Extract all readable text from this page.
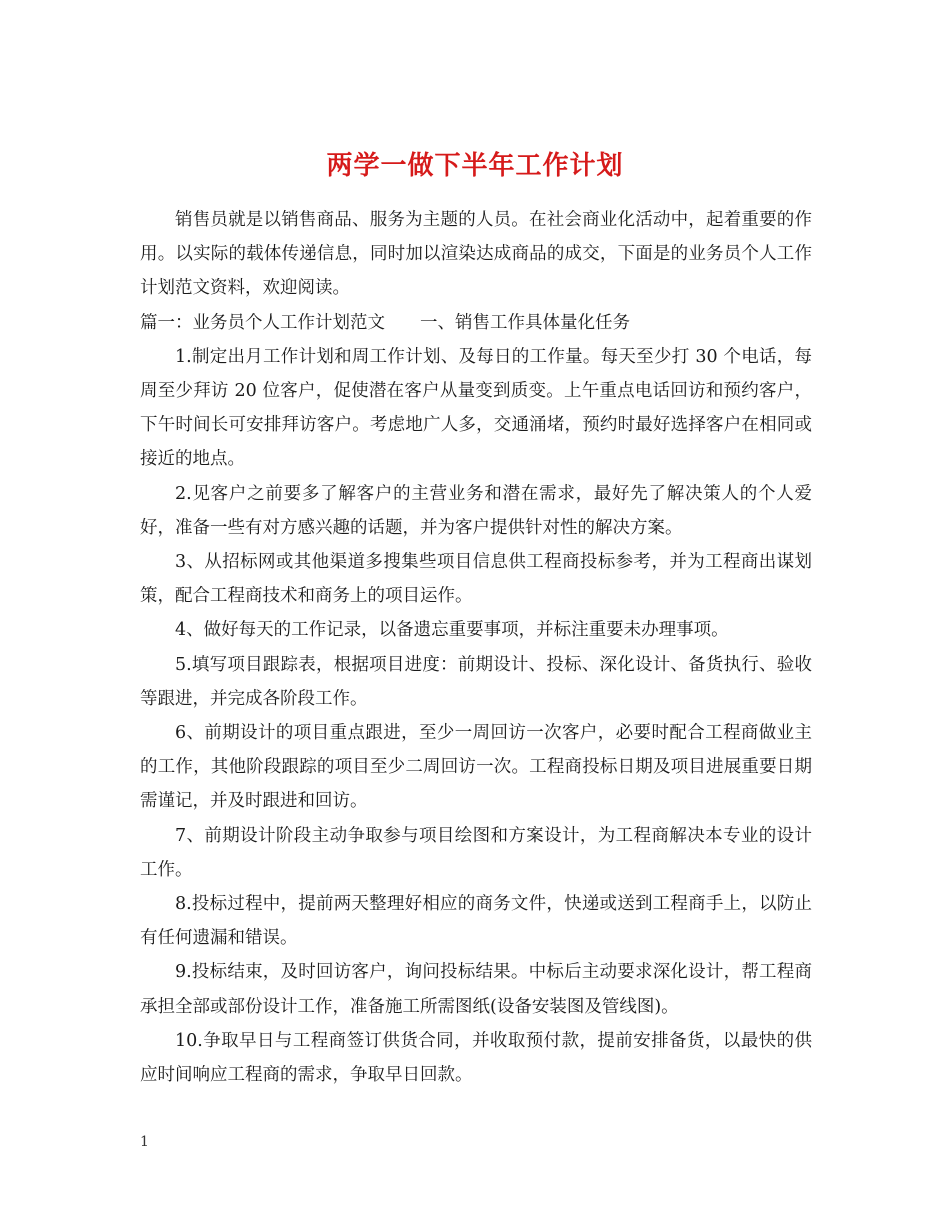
两学一做下半年工作计划

销售员就是以销售商品、服务为主题的人员。在社会商业化活动中，起着重要的作用。以实际的载体传递信息，同时加以渲染达成商品的成交，下面是的业务员个人工作计划范文资料，欢迎阅读。

篇一：业务员个人工作计划范文　　一、销售工作具体量化任务

1.制定出月工作计划和周工作计划、及每日的工作量。每天至少打 30 个电话，每周至少拜访 20 位客户，促使潜在客户从量变到质变。上午重点电话回访和预约客户，下午时间长可安排拜访客户。考虑地广人多，交通涌堵，预约时最好选择客户在相同或接近的地点。

2.见客户之前要多了解客户的主营业务和潜在需求，最好先了解决策人的个人爱好，准备一些有对方感兴趣的话题，并为客户提供针对性的解决方案。

3、从招标网或其他渠道多搜集些项目信息供工程商投标参考，并为工程商出谋划策，配合工程商技术和商务上的项目运作。

4、做好每天的工作记录，以备遗忘重要事项，并标注重要未办理事项。

5.填写项目跟踪表，根据项目进度：前期设计、投标、深化设计、备货执行、验收等跟进，并完成各阶段工作。

6、前期设计的项目重点跟进，至少一周回访一次客户，必要时配合工程商做业主的工作，其他阶段跟踪的项目至少二周回访一次。工程商投标日期及项目进展重要日期需谨记，并及时跟进和回访。

7、前期设计阶段主动争取参与项目绘图和方案设计，为工程商解决本专业的设计工作。

8.投标过程中，提前两天整理好相应的商务文件，快递或送到工程商手上，以防止有任何遗漏和错误。

9.投标结束，及时回访客户，询问投标结果。中标后主动要求深化设计，帮工程商承担全部或部份设计工作，准备施工所需图纸(设备安装图及管线图)。

10.争取早日与工程商签订供货合同，并收取预付款，提前安排备货，以最快的供应时间响应工程商的需求，争取早日回款。

1
